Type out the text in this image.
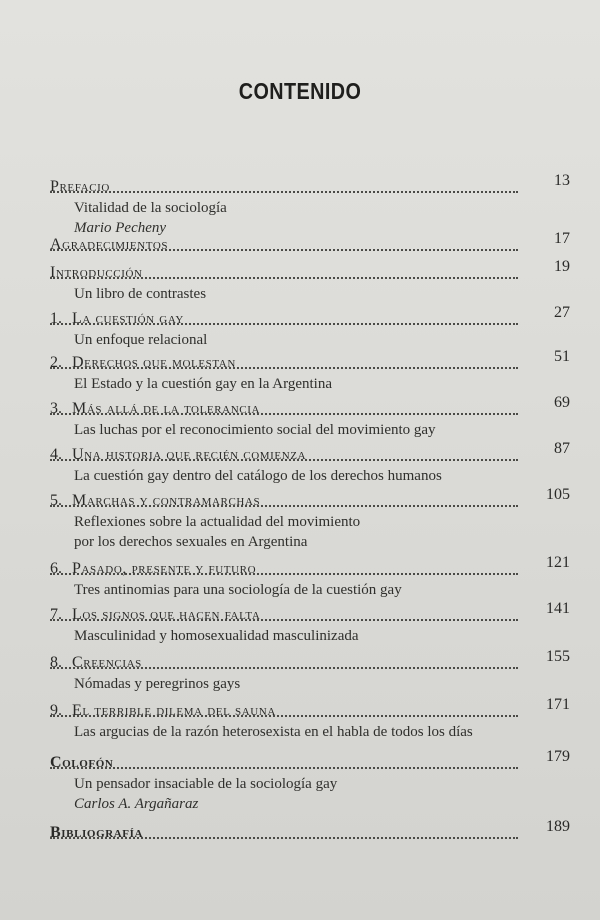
CONTENIDO
Prefacio	13
Vitalidad de la sociología
Mario Pecheny
Agradecimientos	17
Introducción	19
Un libro de contrastes
1. La cuestión gay	27
Un enfoque relacional
2. Derechos que molestan	51
El Estado y la cuestión gay en la Argentina
3. Más allá de la tolerancia	69
Las luchas por el reconocimiento social del movimiento gay
4. Una historia que recién comienza	87
La cuestión gay dentro del catálogo de los derechos humanos
5. Marchas y contramarchas	105
Reflexiones sobre la actualidad del movimiento
por los derechos sexuales en Argentina
6. Pasado, presente y futuro	121
Tres antinomias para una sociología de la cuestión gay
7. Los signos que hacen falta	141
Masculinidad y homosexualidad masculinizada
8. Creencias	155
Nómadas y peregrinos gays
9. El terrible dilema del sauna	171
Las argucias de la razón heterosexista en el habla de todos los días
Colofón	179
Un pensador insaciable de la sociología gay
Carlos A. Argañaraz
Bibliografía	189
